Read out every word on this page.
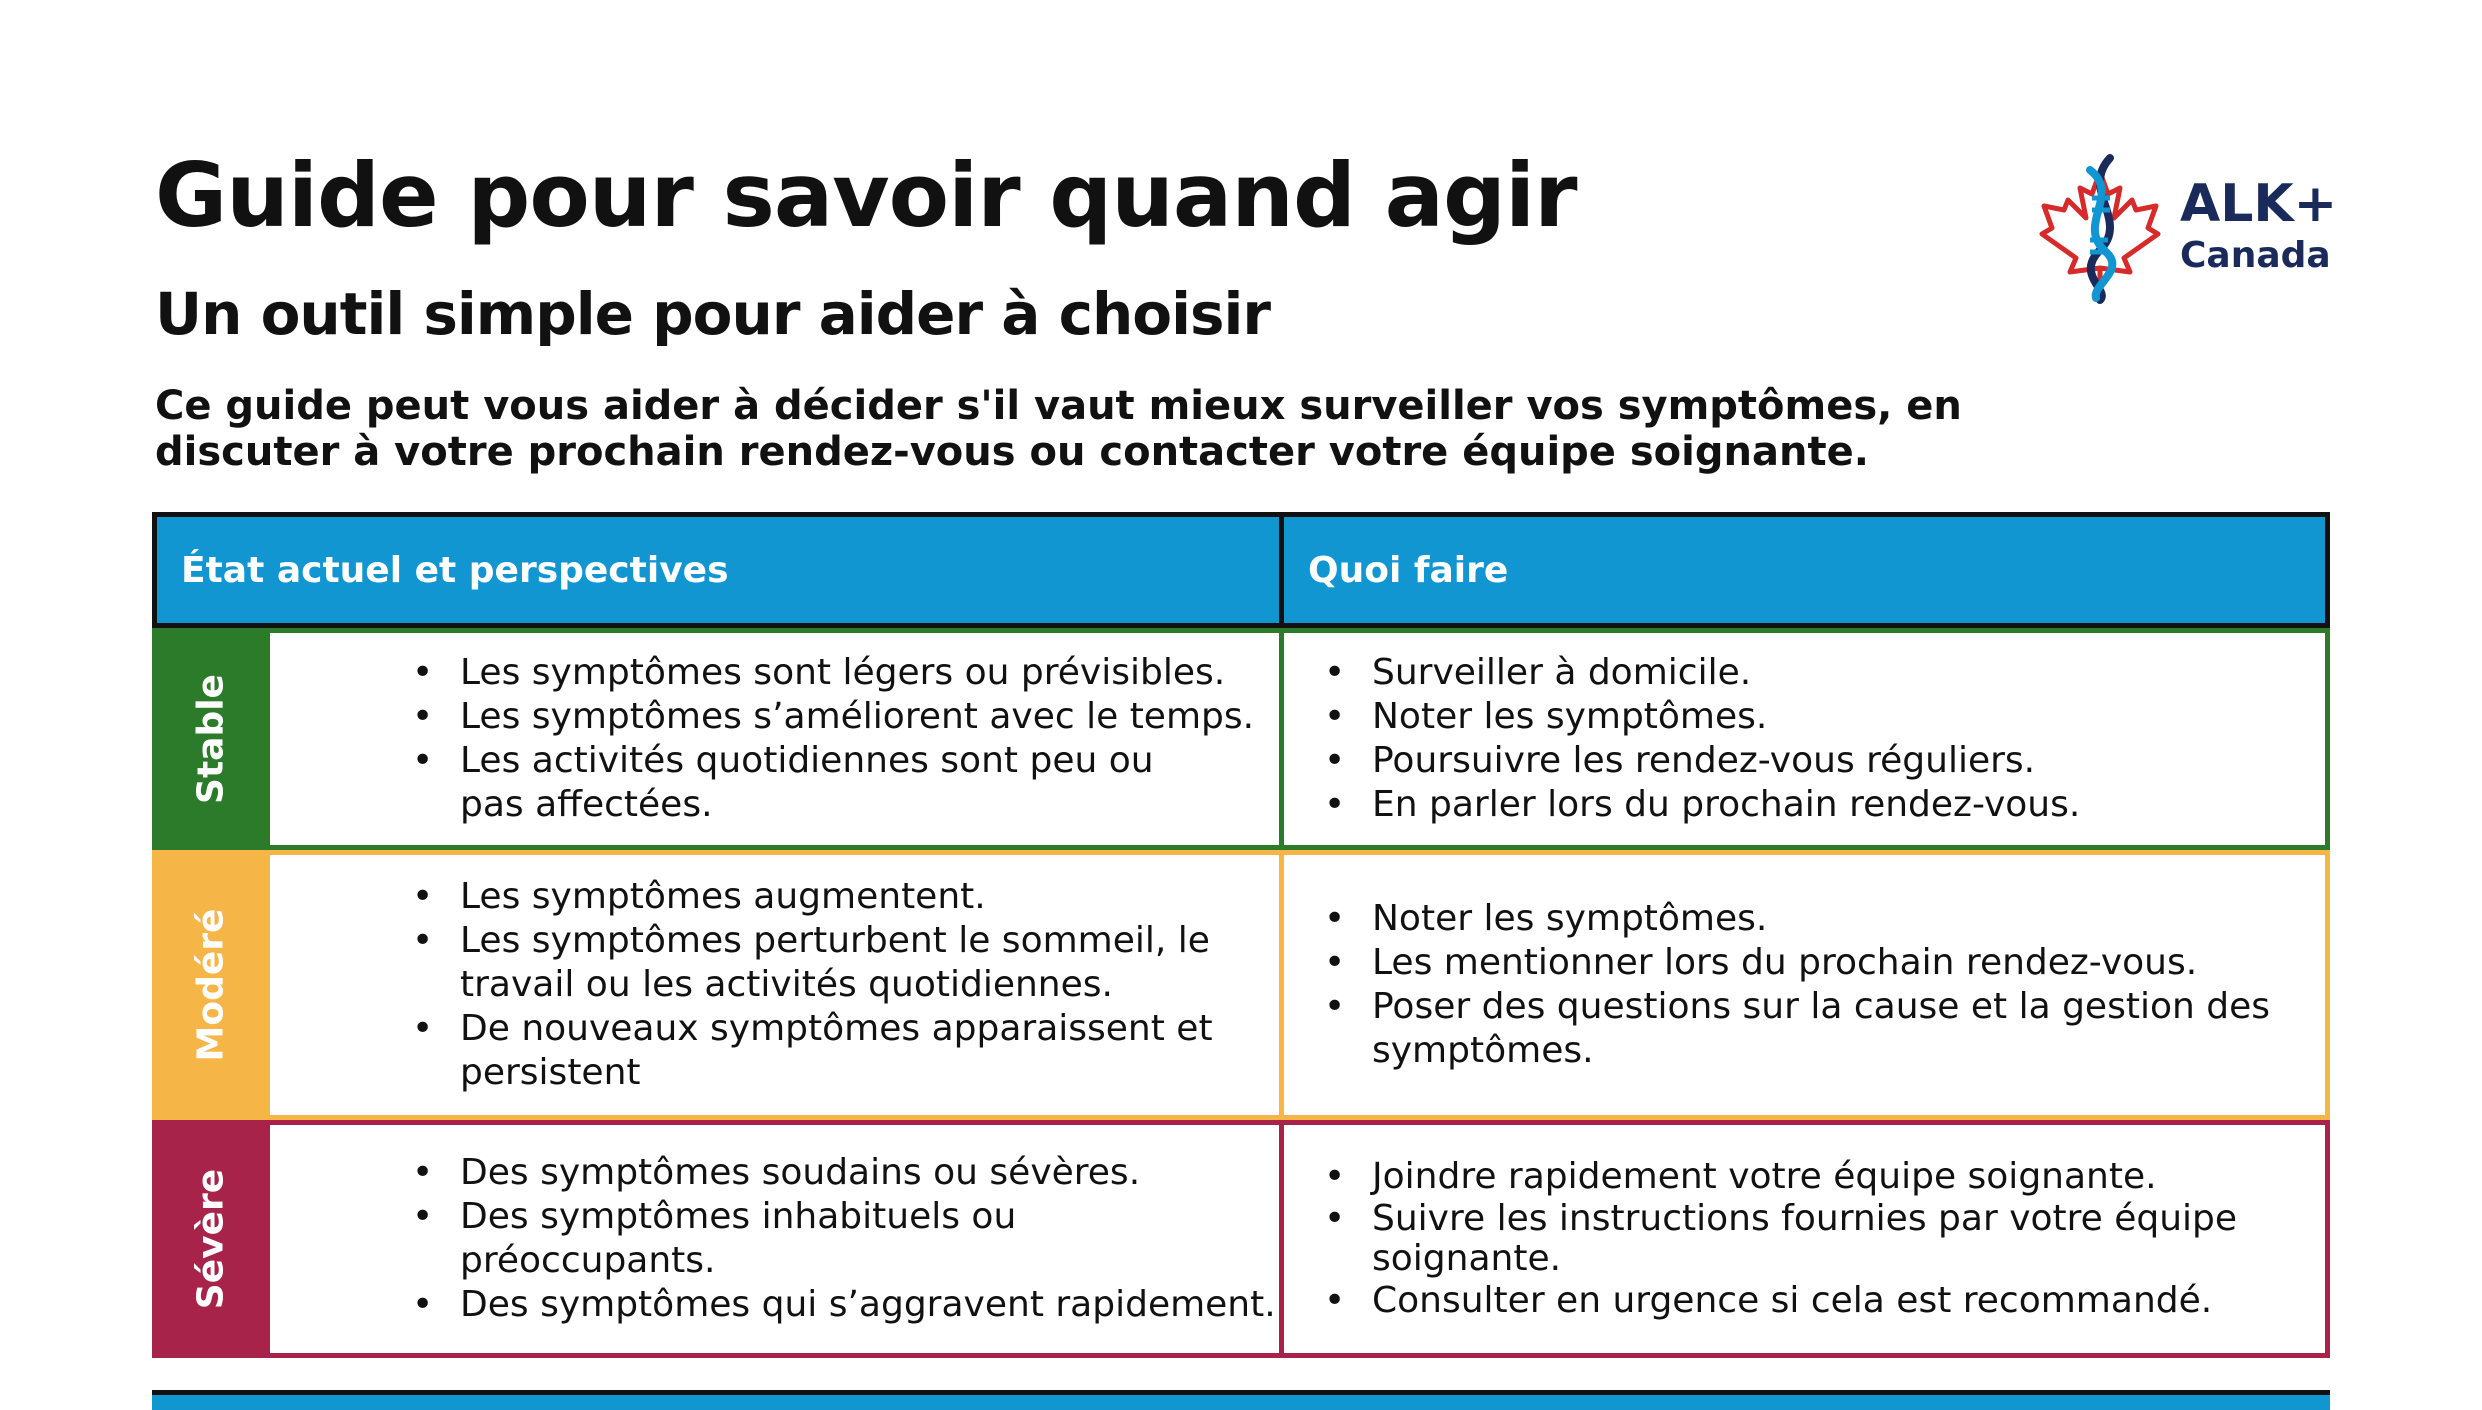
Guide pour savoir quand agir
Un outil simple pour aider à choisir
Ce guide peut vous aider à décider s'il vaut mieux surveiller vos symptômes, en discuter à votre prochain rendez-vous ou contacter votre équipe soignante.
ALK+
Canada
État actuel et perspectives	Quoi faire
Stable
• Les symptômes sont légers ou prévisibles.
• Les symptômes s’améliorent avec le temps.
• Les activités quotidiennes sont peu ou pas affectées.
• Surveiller à domicile.
• Noter les symptômes.
• Poursuivre les rendez-vous réguliers.
• En parler lors du prochain rendez-vous.
Modéré
• Les symptômes augmentent.
• Les symptômes perturbent le sommeil, le travail ou les activités quotidiennes.
• De nouveaux symptômes apparaissent et persistent
• Noter les symptômes.
• Les mentionner lors du prochain rendez-vous.
• Poser des questions sur la cause et la gestion des symptômes.
Sévère
•	Des symptômes soudains ou sévères.
• Des symptômes inhabituels ou préoccupants.
• Des symptômes qui s’aggravent rapidement.
• Joindre rapidement votre équipe soignante.
• Suivre les instructions fournies par votre équipe soignante.
• Consulter en urgence si cela est recommandé.
